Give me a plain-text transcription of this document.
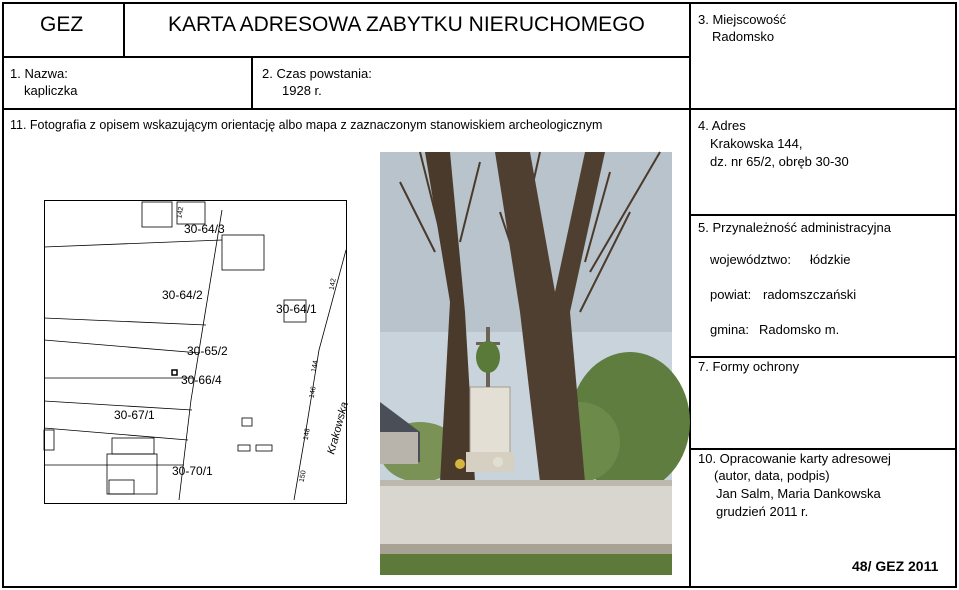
GEZ	KARTA ADRESOWA ZABYTKU NIERUCHOMEGO	3. Miejscowość
Radomsko
1. Nazwa:
kapliczka
2. Czas powstania:
1928 r.
11. Fotografia z opisem wskazującym orientację albo mapa z zaznaczonym stanowiskiem archeologicznym	4. Adres
Krakowska 144,
dz. nr 65/2, obręb 30-30
5. Przynależność administracyjna
województwo: łódzkie
powiat: radomszczański
gmina: Radomsko m.
7. Formy ochrony
10. Opracowanie karty adresowej
(autor, data, podpis)
Jan Salm, Maria Dankowska
grudzień 2011 r.
48/ GEZ 2011
30-64/3
30-64/2
30-64/1
30-65/2
30-66/4
30-67/1
30-70/1
142
142
144
146
148
150
Krakowska
